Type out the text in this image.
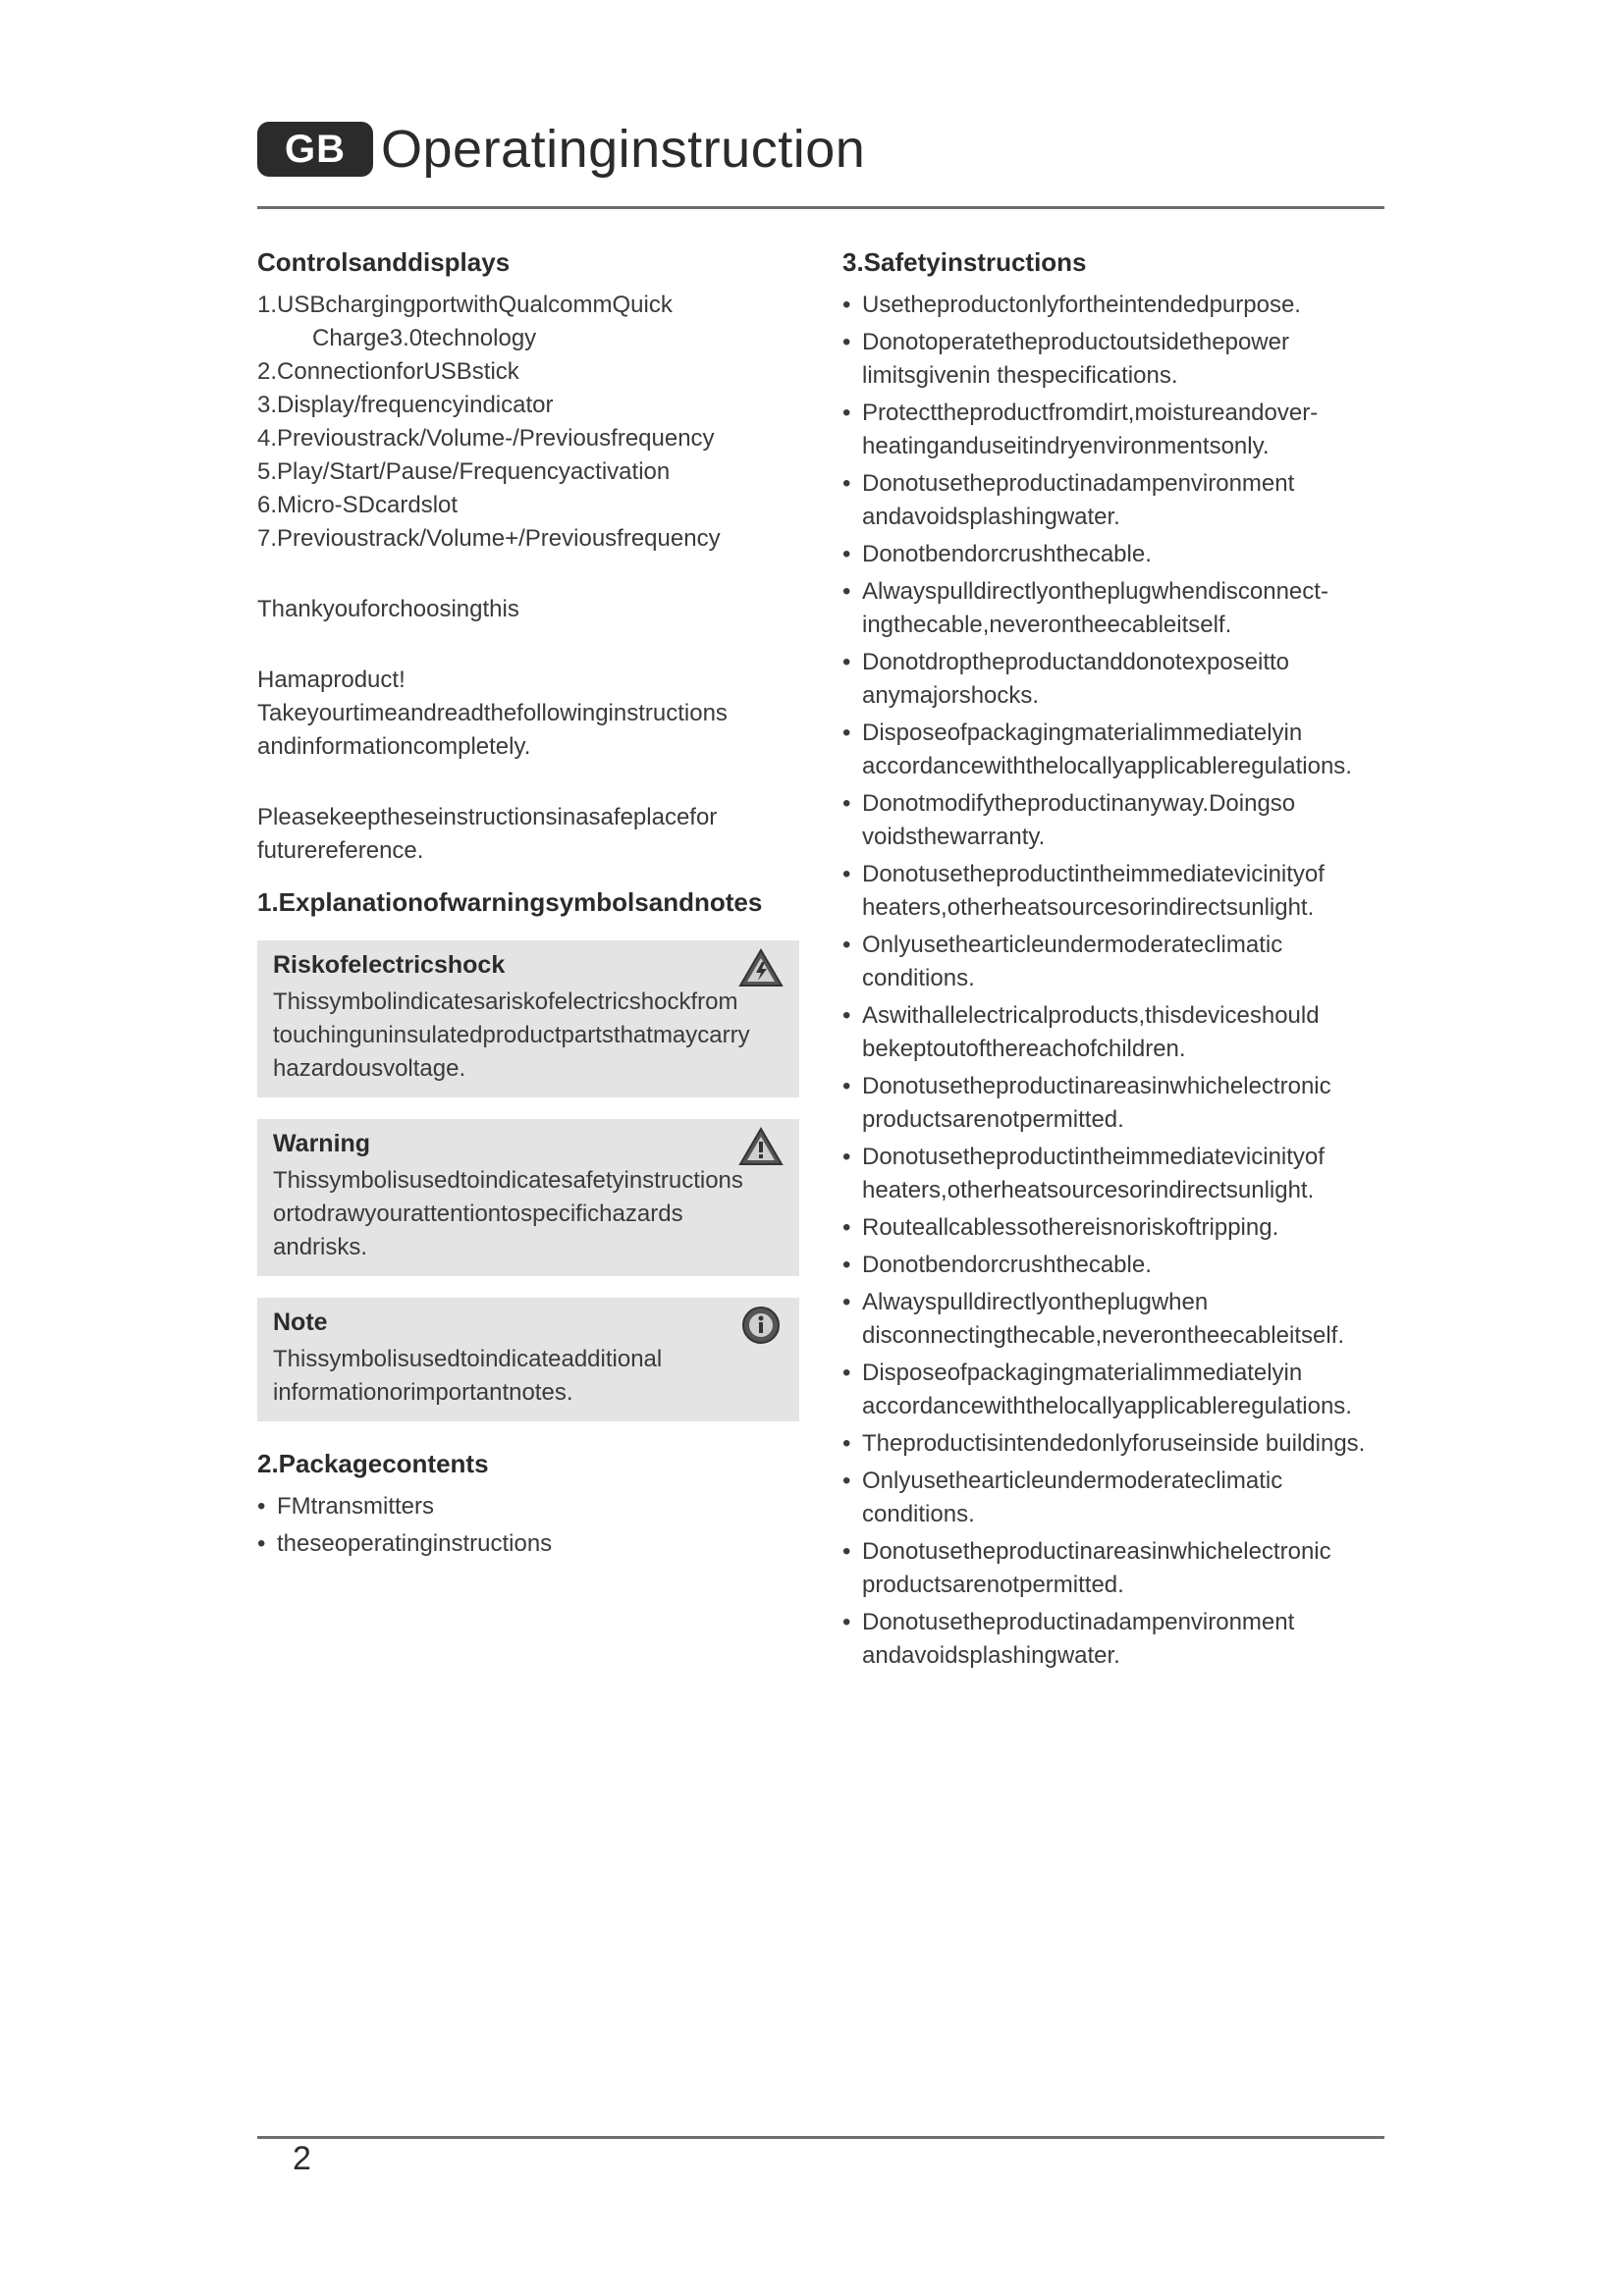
GB Operatinginstruction
Controlsanddisplays
1.USBchargingportwithQualcommQuick Charge3.0technology
2.ConnectionforUSBstick
3.Display/frequencyindicator
4.Previoustrack/Volume-/Previousfrequency
5.Play/Start/Pause/Frequencyactivation
6.Micro-SDcardslot
7.Previoustrack/Volume+/Previousfrequency

Thankyouforchoosingthis

Hamaproduct!

Takeyourtimeandreadthefollowinginstructions andinformationcompletely.

Pleasekeeptheseinstructionsinasafeplacefor futurereference.

1.Explanationofwarningsymbolsandnotes
Riskofelectricshock
Thissymbolindicatesariskofelectricshockfrom touchinguninsulatedproductpartsthatmaycarry hazardousvoltage.
Warning
Thissymbolisusedtoindicatesafetyinstructions ortodrawyourattentiontospecifichazards andrisks.
Note
Thissymbolisusedtoindicateadditional informationorimportantnotes.
2.Packagecontents
• FMtransmitters
• theseoperatinginstructions
3.Safetyinstructions
• Usetheproductonlyfortheintendedpurpose.
• Donotoperatetheproductoutsidethepower limitsgivenin thespecifications.
• Protecttheproductfromdirt,moistureandover- heatinganduseitindryenvironmentsonly.
• Donotusetheproductinadampenvironment andavoidsplashingwater.
• Donotbendorcrushthecable.
• Alwayspulldirectlyontheplugwhendisconnect- ingthecable,neverontheecableitself.
• Donotdroptheproductanddonotexposeitto anymajorshocks.
• Disposeofpackagingmaterialimmediatelyin accordancewiththelocallyapplicableregulations.
• Donotmodifytheproductinanyway.Doingso voidsthewarranty.
• Donotusetheproductintheimmediatevicinityof heaters,otherheatsourcesorindirectsunlight.
• Onlyusethearticleundermoderateclimatic conditions.
• Aswithallelectricalproducts,thisdeviceshould bekeptoutofthereachofchildren.
• Donotusetheproductinareasinwhichelectronic productsarenotpermitted.
• Donotusetheproductintheimmediatevicinityof heaters,otherheatsourcesorindirectsunlight.
• Routeallcablessothereisnoriskoftripping.
• Donotbendorcrushthecable.
• Alwayspulldirectlyontheplugwhen disconnectingthecable,neverontheecableitself.
• Disposeofpackagingmaterialimmediatelyin accordancewiththelocallyapplicableregulations.
• Theproductisintendedonlyforuseinside buildings.
• Onlyusethearticleundermoderateclimatic conditions.
• Donotusetheproductinareasinwhichelectronic productsarenotpermitted.
• Donotusetheproductinadampenvironment andavoidsplashingwater.
2
